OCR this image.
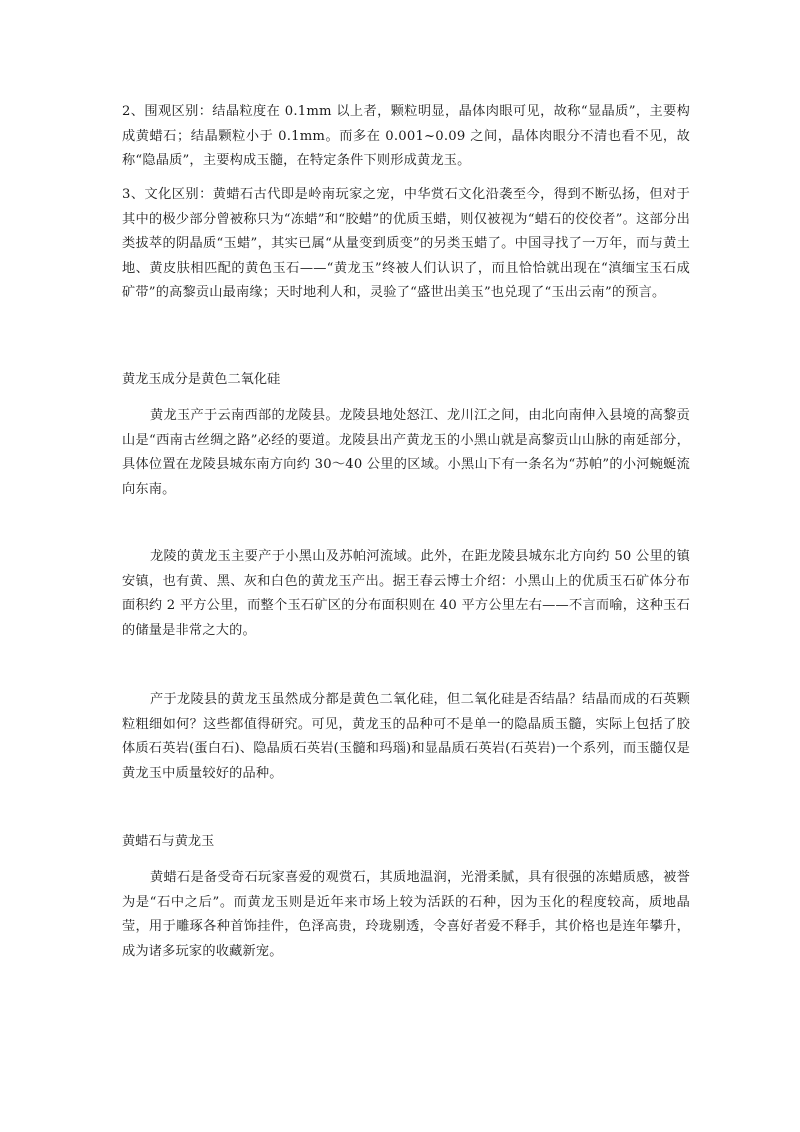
2、围观区别：结晶粒度在 0.1mm 以上者，颗粒明显，晶体肉眼可见，故称“显晶质”，主要构成黄蜡石；结晶颗粒小于 0.1mm。而多在 0.001~0.09 之间，晶体肉眼分不清也看不见，故称“隐晶质”，主要构成玉髓，在特定条件下则形成黄龙玉。

3、文化区别：黄蜡石古代即是岭南玩家之宠，中华赏石文化沿袭至今，得到不断弘扬，但对于其中的极少部分曾被称只为“冻蜡”和“胶蜡”的优质玉蜡，则仅被视为“蜡石的佼佼者”。这部分出类拔萃的阴晶质“玉蜡”，其实已属“从量变到质变”的另类玉蜡了。中国寻找了一万年，而与黄土地、黄皮肤相匹配的黄色玉石——“黄龙玉”终被人们认识了，而且恰恰就出现在“滇缅宝玉石成矿带”的高黎贡山最南缘；天时地利人和，灵验了“盛世出美玉”也兑现了“玉出云南”的预言。

黄龙玉成分是黄色二氧化硅

黄龙玉产于云南西部的龙陵县。龙陵县地处怒江、龙川江之间，由北向南伸入县境的高黎贡山是“西南古丝绸之路”必经的要道。龙陵县出产黄龙玉的小黑山就是高黎贡山山脉的南延部分，具体位置在龙陵县城东南方向约 30～40 公里的区域。小黑山下有一条名为“苏帕”的小河蜿蜒流向东南。

龙陵的黄龙玉主要产于小黑山及苏帕河流域。此外，在距龙陵县城东北方向约 50 公里的镇安镇，也有黄、黑、灰和白色的黄龙玉产出。据王春云博士介绍：小黑山上的优质玉石矿体分布面积约 2 平方公里，而整个玉石矿区的分布面积则在 40 平方公里左右——不言而喻，这种玉石的储量是非常之大的。

产于龙陵县的黄龙玉虽然成分都是黄色二氧化硅，但二氧化硅是否结晶？结晶而成的石英颗粒粗细如何？这些都值得研究。可见，黄龙玉的品种可不是单一的隐晶质玉髓，实际上包括了胶体质石英岩(蛋白石)、隐晶质石英岩(玉髓和玛瑙)和显晶质石英岩(石英岩)一个系列，而玉髓仅是黄龙玉中质量较好的品种。

黄蜡石与黄龙玉

黄蜡石是备受奇石玩家喜爱的观赏石，其质地温润，光滑柔腻，具有很强的冻蜡质感，被誉为是“石中之后”。而黄龙玉则是近年来市场上较为活跃的石种，因为玉化的程度较高，质地晶莹，用于雕琢各种首饰挂件，色泽高贵，玲珑剔透，令喜好者爱不释手，其价格也是连年攀升，成为诸多玩家的收藏新宠。
